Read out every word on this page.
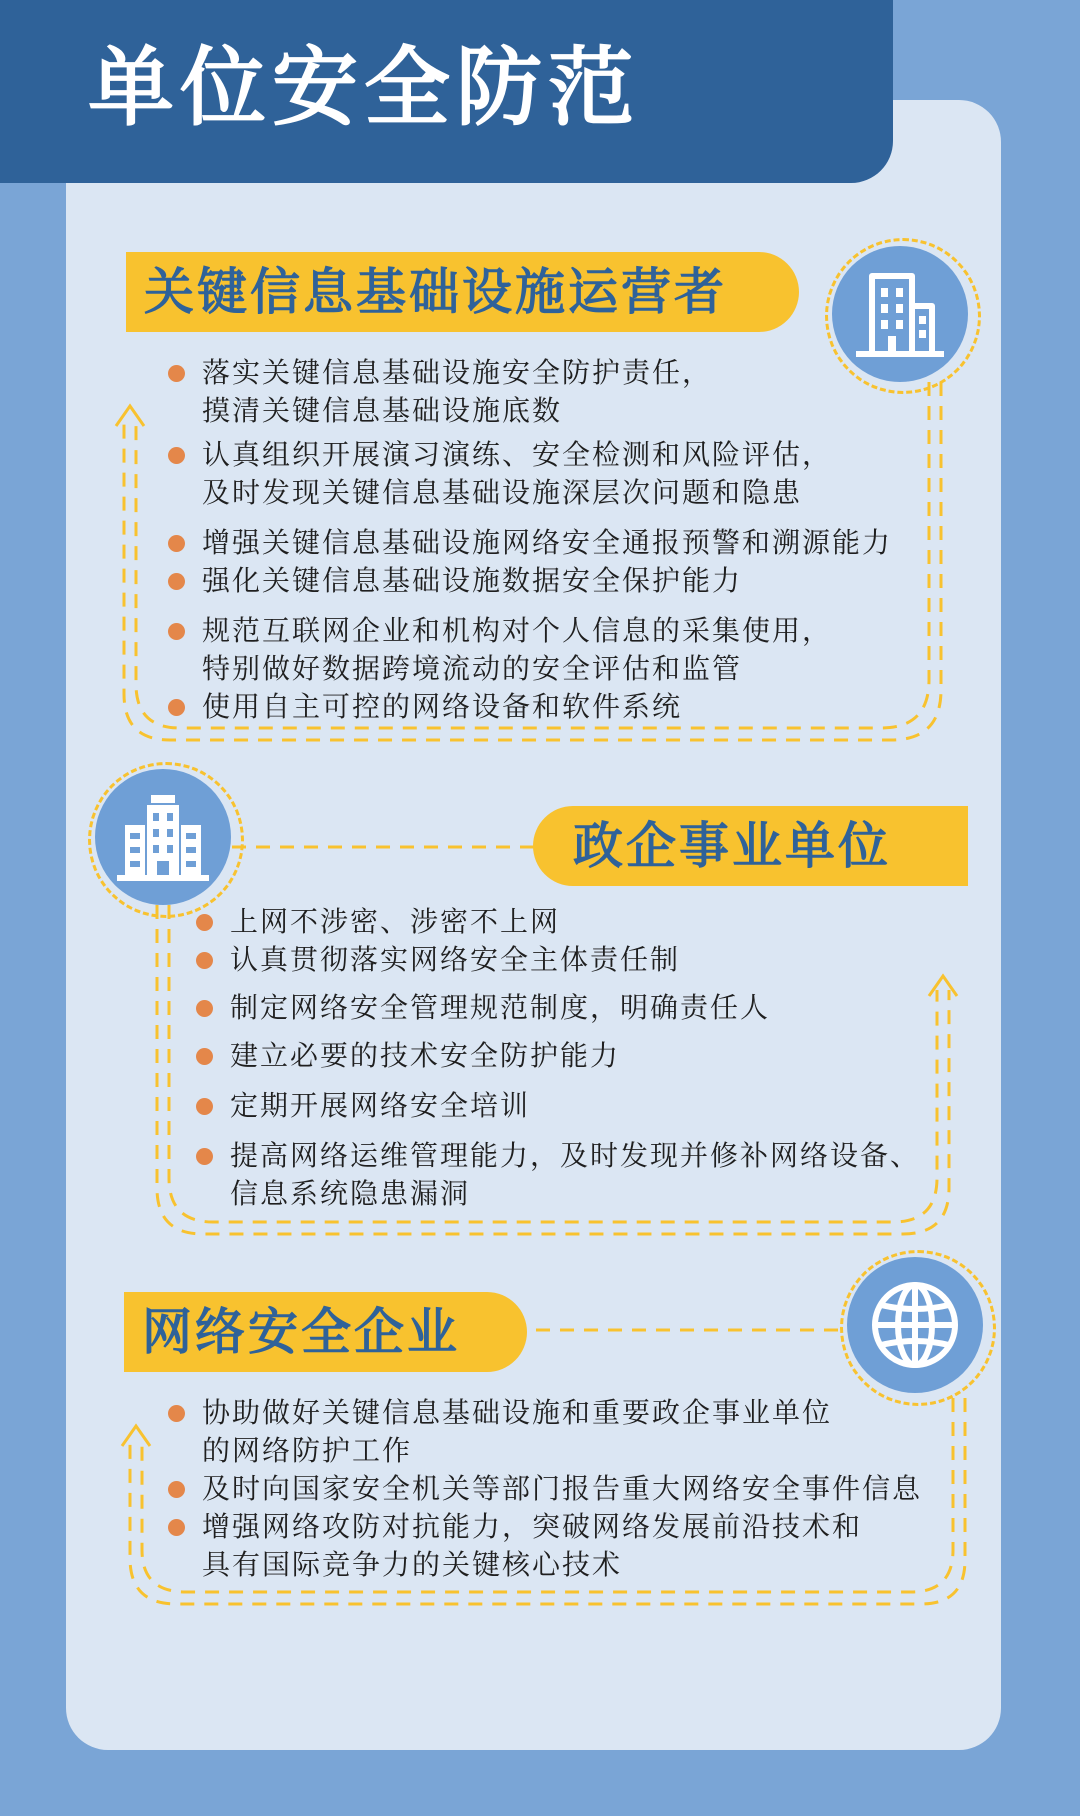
单位安全防范
关键信息基础设施运营者
落实关键信息基础设施安全防护责任，
摸清关键信息基础设施底数
认真组织开展演习演练、安全检测和风险评估，
及时发现关键信息基础设施深层次问题和隐患
增强关键信息基础设施网络安全通报预警和溯源能力
强化关键信息基础设施数据安全保护能力
规范互联网企业和机构对个人信息的采集使用，
特别做好数据跨境流动的安全评估和监管
使用自主可控的网络设备和软件系统
政企事业单位
上网不涉密、涉密不上网
认真贯彻落实网络安全主体责任制
制定网络安全管理规范制度，明确责任人
建立必要的技术安全防护能力
定期开展网络安全培训
提高网络运维管理能力，及时发现并修补网络设备、
信息系统隐患漏洞
网络安全企业
协助做好关键信息基础设施和重要政企事业单位
的网络防护工作
及时向国家安全机关等部门报告重大网络安全事件信息
增强网络攻防对抗能力，突破网络发展前沿技术和
具有国际竞争力的关键核心技术
